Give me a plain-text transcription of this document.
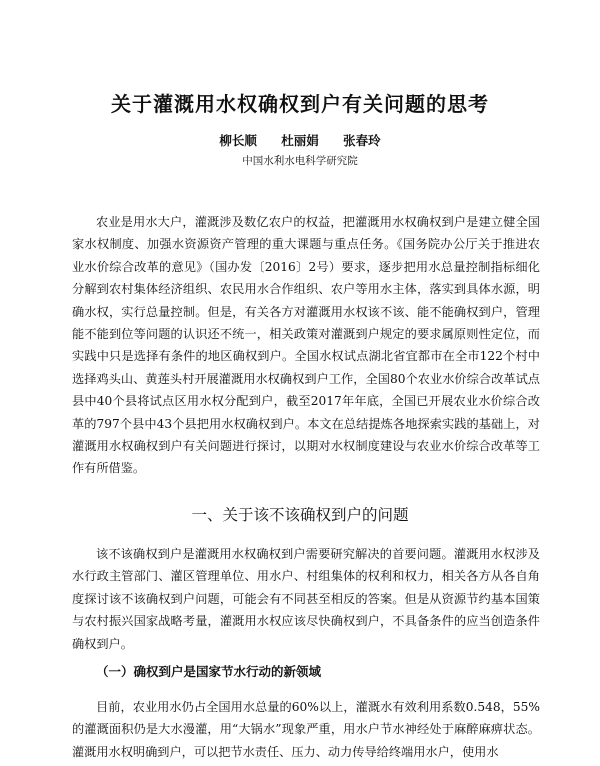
关于灌溉用水权确权到户有关问题的思考
柳长顺 杜丽娟 张春玲
中国水利水电科学研究院

农业是用水大户，灌溉涉及数亿农户的权益，把灌溉用水权确权到户是建立健全国家水权制度、加强水资源资产管理的重大课题与重点任务。《国务院办公厅关于推进农业水价综合改革的意见》（国办发〔2016〕2号）要求，逐步把用水总量控制指标细化分解到农村集体经济组织、农民用水合作组织、农户等用水主体，落实到具体水源，明确水权，实行总量控制。但是，有关各方对灌溉用水权该不该、能不能确权到户，管理能不能到位等问题的认识还不统一，相关政策对灌溉到户规定的要求属原则性定位，而实践中只是选择有条件的地区确权到户。全国水权试点湖北省宜都市在全市122个村中选择鸡头山、黄莲头村开展灌溉用水权确权到户工作，全国80个农业水价综合改革试点县中40个县将试点区用水权分配到户，截至2017年年底，全国已开展农业水价综合改革的797个县中43个县把用水权确权到户。本文在总结提炼各地探索实践的基础上，对灌溉用水权确权到户有关问题进行探讨，以期对水权制度建设与农业水价综合改革等工作有所借鉴。

一、关于该不该确权到户的问题

该不该确权到户是灌溉用水权确权到户需要研究解决的首要问题。灌溉用水权涉及水行政主管部门、灌区管理单位、用水户、村组集体的权利和权力，相关各方从各自角度探讨该不该确权到户问题，可能会有不同甚至相反的答案。但是从资源节约基本国策与农村振兴国家战略考量，灌溉用水权应该尽快确权到户，不具备条件的应当创造条件确权到户。

（一）确权到户是国家节水行动的新领域

目前，农业用水仍占全国用水总量的60%以上，灌溉水有效利用系数0.548，55%的灌溉面积仍是大水漫灌，用“大锅水”现象严重，用水户节水神经处于麻醉麻痹状态。灌溉用水权明确到户，可以把节水责任、压力、动力传导给终端用水户，使用水
